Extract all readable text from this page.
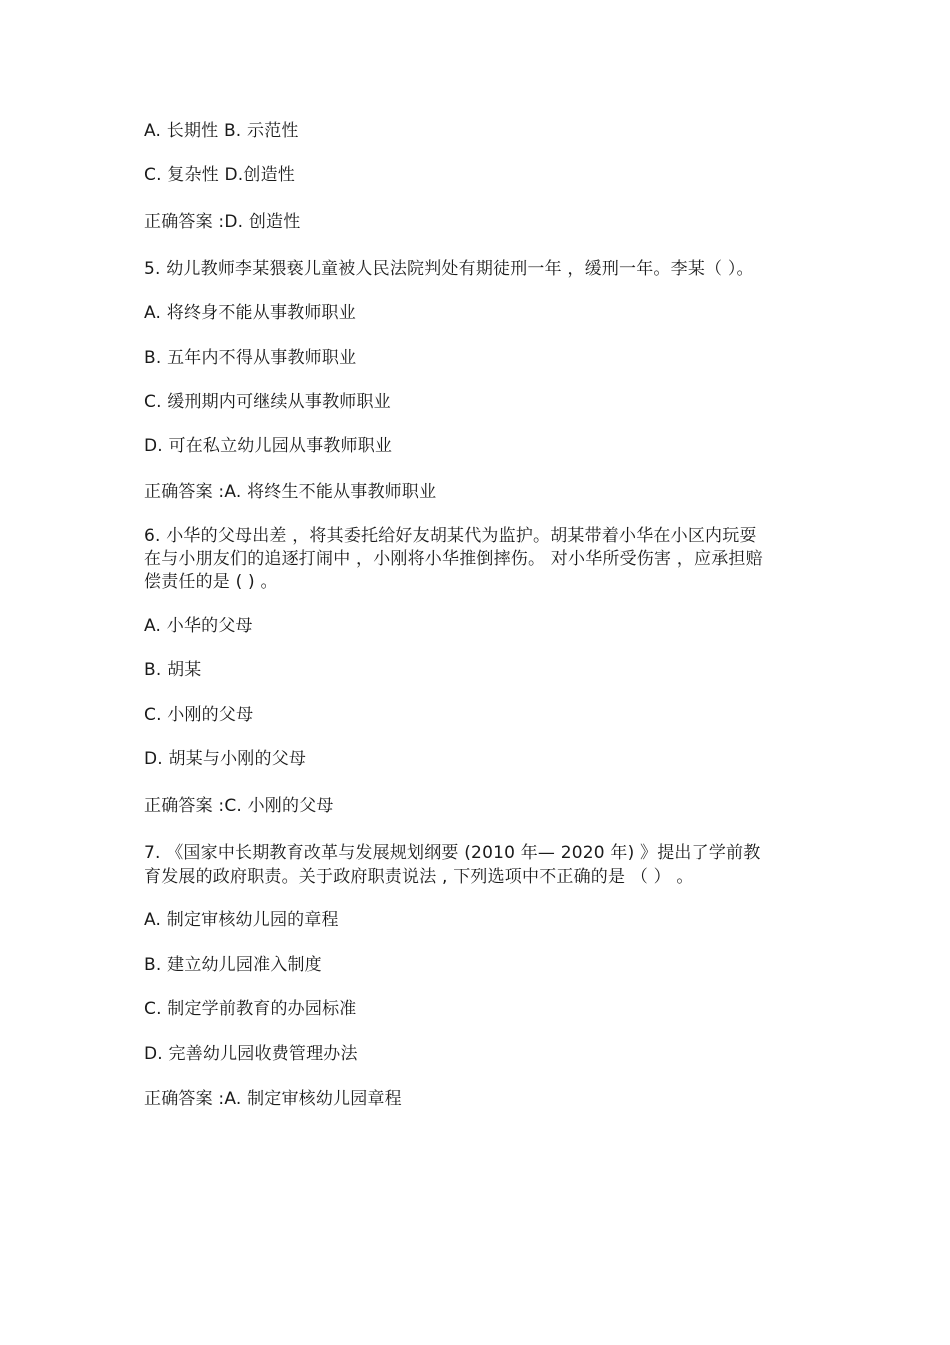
A. 长期性 B. 示范性
C. 复杂性 D.创造性
正确答案 :D. 创造性
5. 幼儿教师李某猥亵儿童被人民法院判处有期徒刑一年 ，缓刑一年。李某（ ）。
A. 将终身不能从事教师职业
B. 五年内不得从事教师职业
C. 缓刑期内可继续从事教师职业
D. 可在私立幼儿园从事教师职业
正确答案 :A. 将终生不能从事教师职业
6. 小华的父母出差 ，将其委托给好友胡某代为监护。胡某带着小华在小区内玩耍
在与小朋友们的追逐打闹中 ，小刚将小华推倒摔伤。 对小华所受伤害 ，应承担赔
偿责任的是 ( ) 。
A. 小华的父母
B. 胡某
C. 小刚的父母
D. 胡某与小刚的父母
正确答案 :C. 小刚的父母
7. 《国家中长期教育改革与发展规划纲要 (2010 年— 2020 年) 》提出了学前教
育发展的政府职责。关于政府职责说法 , 下列选项中不正确的是 （ ） 。
A. 制定审核幼儿园的章程
B. 建立幼儿园准入制度
C. 制定学前教育的办园标准
D. 完善幼儿园收费管理办法
正确答案 :A. 制定审核幼儿园章程
